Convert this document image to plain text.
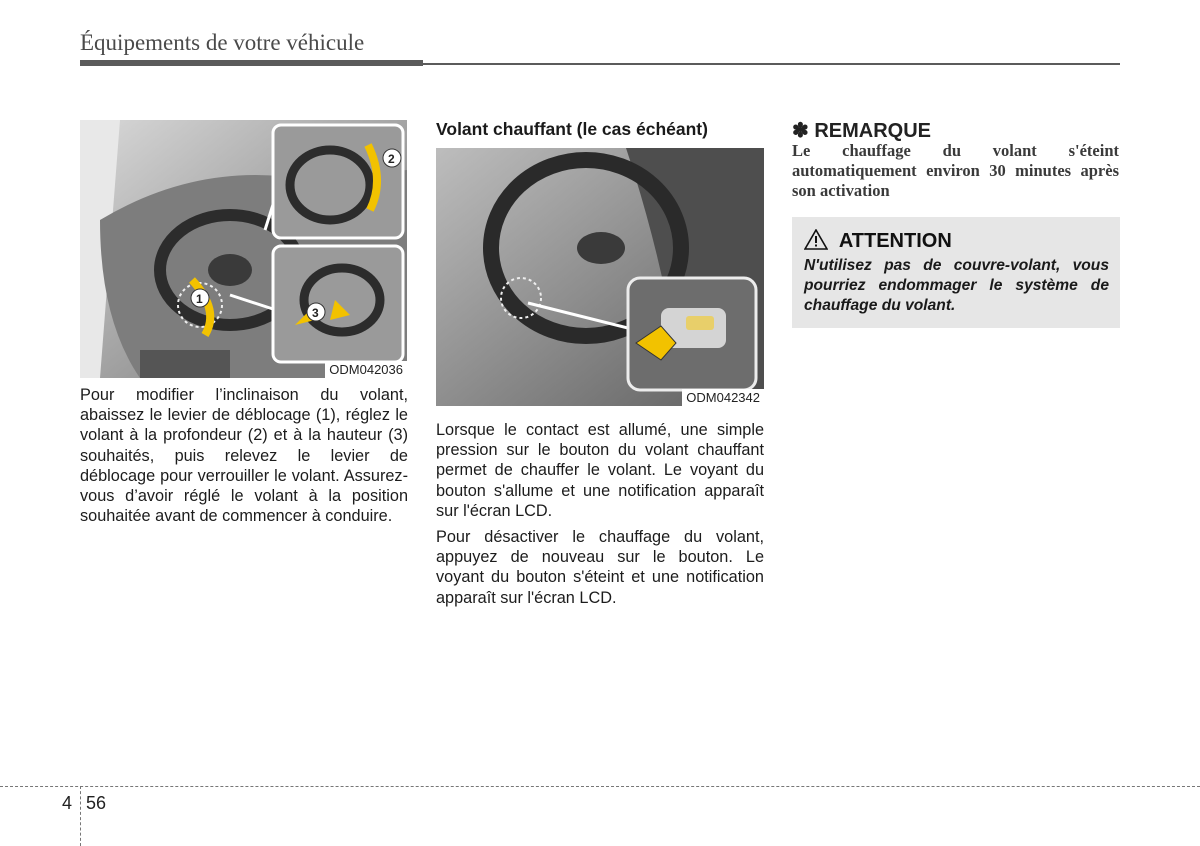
Équipements de votre véhicule
1
2
3
ODM042036

Pour modifier l’inclinaison du volant, abaissez le levier de déblocage (1), réglez le volant à la profondeur (2) et à la hauteur (3) souhaités, puis relevez le levier de déblocage pour verrouiller le volant. Assurez-vous d’avoir réglé le volant à la position souhaitée avant de commencer à conduire.

Volant chauffant (le cas échéant)
ODM042342

Lorsque le contact est allumé, une simple pression sur le bouton du volant chauffant permet de chauffer le volant. Le voyant du bouton s'allume et une notification apparaît sur l'écran LCD.

Pour désactiver le chauffage du volant, appuyez de nouveau sur le bouton. Le voyant du bouton s'éteint et une notification apparaît sur l'écran LCD.

✽ REMARQUE
Le chauffage du volant s'éteint automatiquement environ 30 minutes après son activation
ATTENTION
N'utilisez pas de couvre-volant, vous pourriez endommager le système de chauffage du volant.
4 56
